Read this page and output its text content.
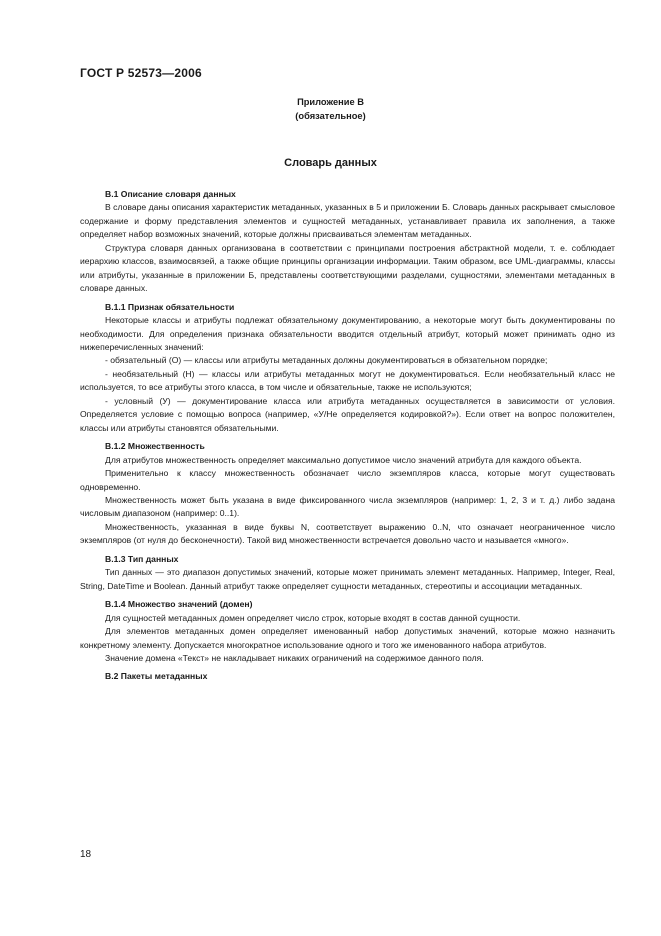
ГОСТ Р 52573—2006
Приложение В
(обязательное)
Словарь данных

В.1 Описание словаря данных

В словаре даны описания характеристик метаданных, указанных в 5 и приложении Б. Словарь данных раскрывает смысловое содержание и форму представления элементов и сущностей метаданных, устанавливает правила их заполнения, а также определяет набор возможных значений, которые должны присваиваться элементам метаданных.

Структура словаря данных организована в соответствии с принципами построения абстрактной модели, т. е. соблюдает иерархию классов, взаимосвязей, а также общие принципы организации информации. Таким образом, все UML-диаграммы, классы или атрибуты, указанные в приложении Б, представлены соответствующими разделами, сущностями, элементами метаданных в словаре данных.

В.1.1 Признак обязательности

Некоторые классы и атрибуты подлежат обязательному документированию, а некоторые могут быть документированы по необходимости. Для определения признака обязательности вводится отдельный атрибут, который может принимать одно из нижеперечисленных значений:

- обязательный (О) — классы или атрибуты метаданных должны документироваться в обязательном порядке;

- необязательный (Н) — классы или атрибуты метаданных могут не документироваться. Если необязательный класс не используется, то все атрибуты этого класса, в том числе и обязательные, также не используются;

- условный (У) — документирование класса или атрибута метаданных осуществляется в зависимости от условия. Определяется условие с помощью вопроса (например, «У/Не определяется кодировкой?»). Если ответ на вопрос положителен, классы или атрибуты становятся обязательными.

В.1.2 Множественность

Для атрибутов множественность определяет максимально допустимое число значений атрибута для каждого объекта.

Применительно к классу множественность обозначает число экземпляров класса, которые могут существовать одновременно.

Множественность может быть указана в виде фиксированного числа экземпляров (например: 1, 2, 3 и т. д.) либо задана числовым диапазоном (например: 0..1).

Множественность, указанная в виде буквы N, соответствует выражению 0..N, что означает неограниченное число экземпляров (от нуля до бесконечности). Такой вид множественности встречается довольно часто и называется «много».

В.1.3 Тип данных

Тип данных — это диапазон допустимых значений, которые может принимать элемент метаданных. Например, Integer, Real, String, DateTime и Boolean. Данный атрибут также определяет сущности метаданных, стереотипы и ассоциации метаданных.

В.1.4 Множество значений (домен)

Для сущностей метаданных домен определяет число строк, которые входят в состав данной сущности.

Для элементов метаданных домен определяет именованный набор допустимых значений, которые можно назначить конкретному элементу. Допускается многократное использование одного и того же именованного набора атрибутов.

Значение домена «Текст» не накладывает никаких ограничений на содержимое данного поля.

В.2 Пакеты метаданных

18
